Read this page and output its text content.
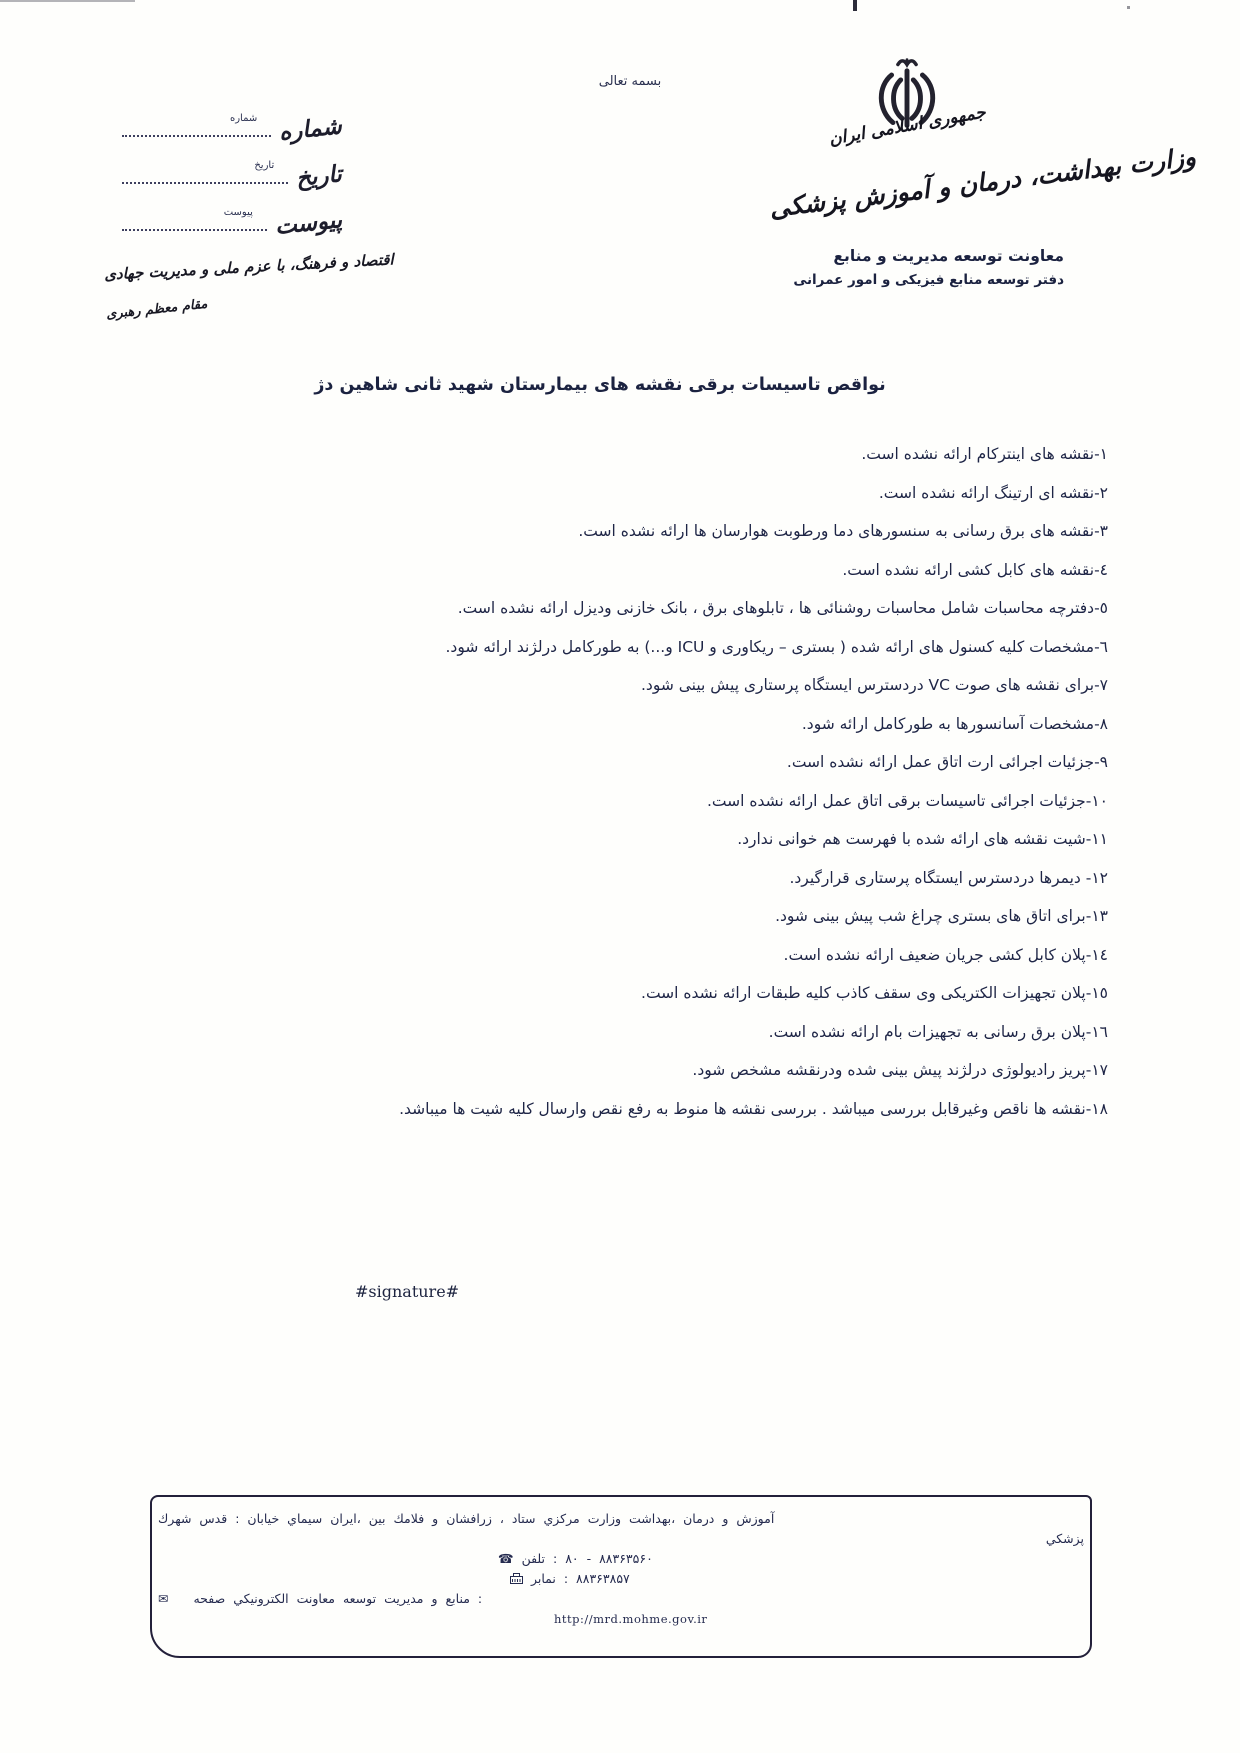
بسمه تعالی
جمهوری اسلامی ایران
وزارت بهداشت، درمان و آموزش پزشکی
معاونت توسعه مدیریت و منابع
دفتر توسعه منابع فیزیکی و امور عمرانی
شماره
شماره
تاریخ
تاریخ
پیوست
پیوست
اقتصاد و فرهنگ، با عزم ملی و مدیریت جهادی
مقام معظم رهبری
نواقص تاسیسات برقی نقشه های بیمارستان شهید ثانی شاهین دژ
۱-نقشه های اینترکام ارائه نشده است.
۲-نقشه ای ارتینگ ارائه نشده است.
۳-نقشه های برق رسانی به سنسورهای دما ورطوبت هوارسان ها ارائه نشده است.
٤-نقشه های کابل کشی ارائه نشده است.
٥-دفترچه محاسبات شامل محاسبات روشنائی ها ، تابلوهای برق ، بانک خازنی ودیزل ارائه نشده است.
٦-مشخصات کلیه کسنول های ارائه شده ( بستری – ریکاوری و ICU و...) به طورکامل درلژند ارائه شود.
۷-برای نقشه های صوت VC دردسترس ایستگاه پرستاری پیش بینی شود.
۸-مشخصات آسانسورها به طورکامل ارائه شود.
۹-جزئیات اجرائی ارت اتاق عمل ارائه نشده است.
۱۰-جزئیات اجرائی تاسیسات برقی اتاق عمل ارائه نشده است.
۱۱-شیت نقشه های ارائه شده با فهرست هم خوانی ندارد.
۱۲- دیمرها دردسترس ایستگاه پرستاری قرارگیرد.
۱۳-برای اتاق های بستری چراغ شب پیش بینی شود.
۱٤-پلان کابل کشی جریان ضعیف ارائه نشده است.
۱٥-پلان تجهیزات الکتریکی وی سقف کاذب کلیه طبقات ارائه نشده است.
۱٦-پلان برق رسانی به تجهیزات بام ارائه نشده است.
۱۷-پریز رادیولوژی درلژند پیش بینی شده ودرنقشه مشخص شود.
۱۸-نقشه ها ناقص وغیرقابل بررسی میباشد . بررسی نقشه ها منوط به رفع نقص وارسال کلیه شیت ها میباشد.
#signature#
شهرك ‎قدس ‎: ‎خيابان ‎سيماي ‎ايران، ‎بين ‎فلامك ‎و ‎زرافشان ‎، ‎ستاد ‎مركزي ‎وزارت ‎بهداشت، ‎درمان ‎و ‎آموزش
پزشكي
☎ تلفن ‎: ‎۸۰ ‎- ‎۸۸۳۶۳۵۶۰
نمابر ‎: ‎۸۸۳۶۳۸۵۷
✉ صفحه ‎الكترونيكي ‎معاونت ‎توسعه ‎مديريت ‎و ‎منابع ‎:
http://mrd.mohme.gov.ir
